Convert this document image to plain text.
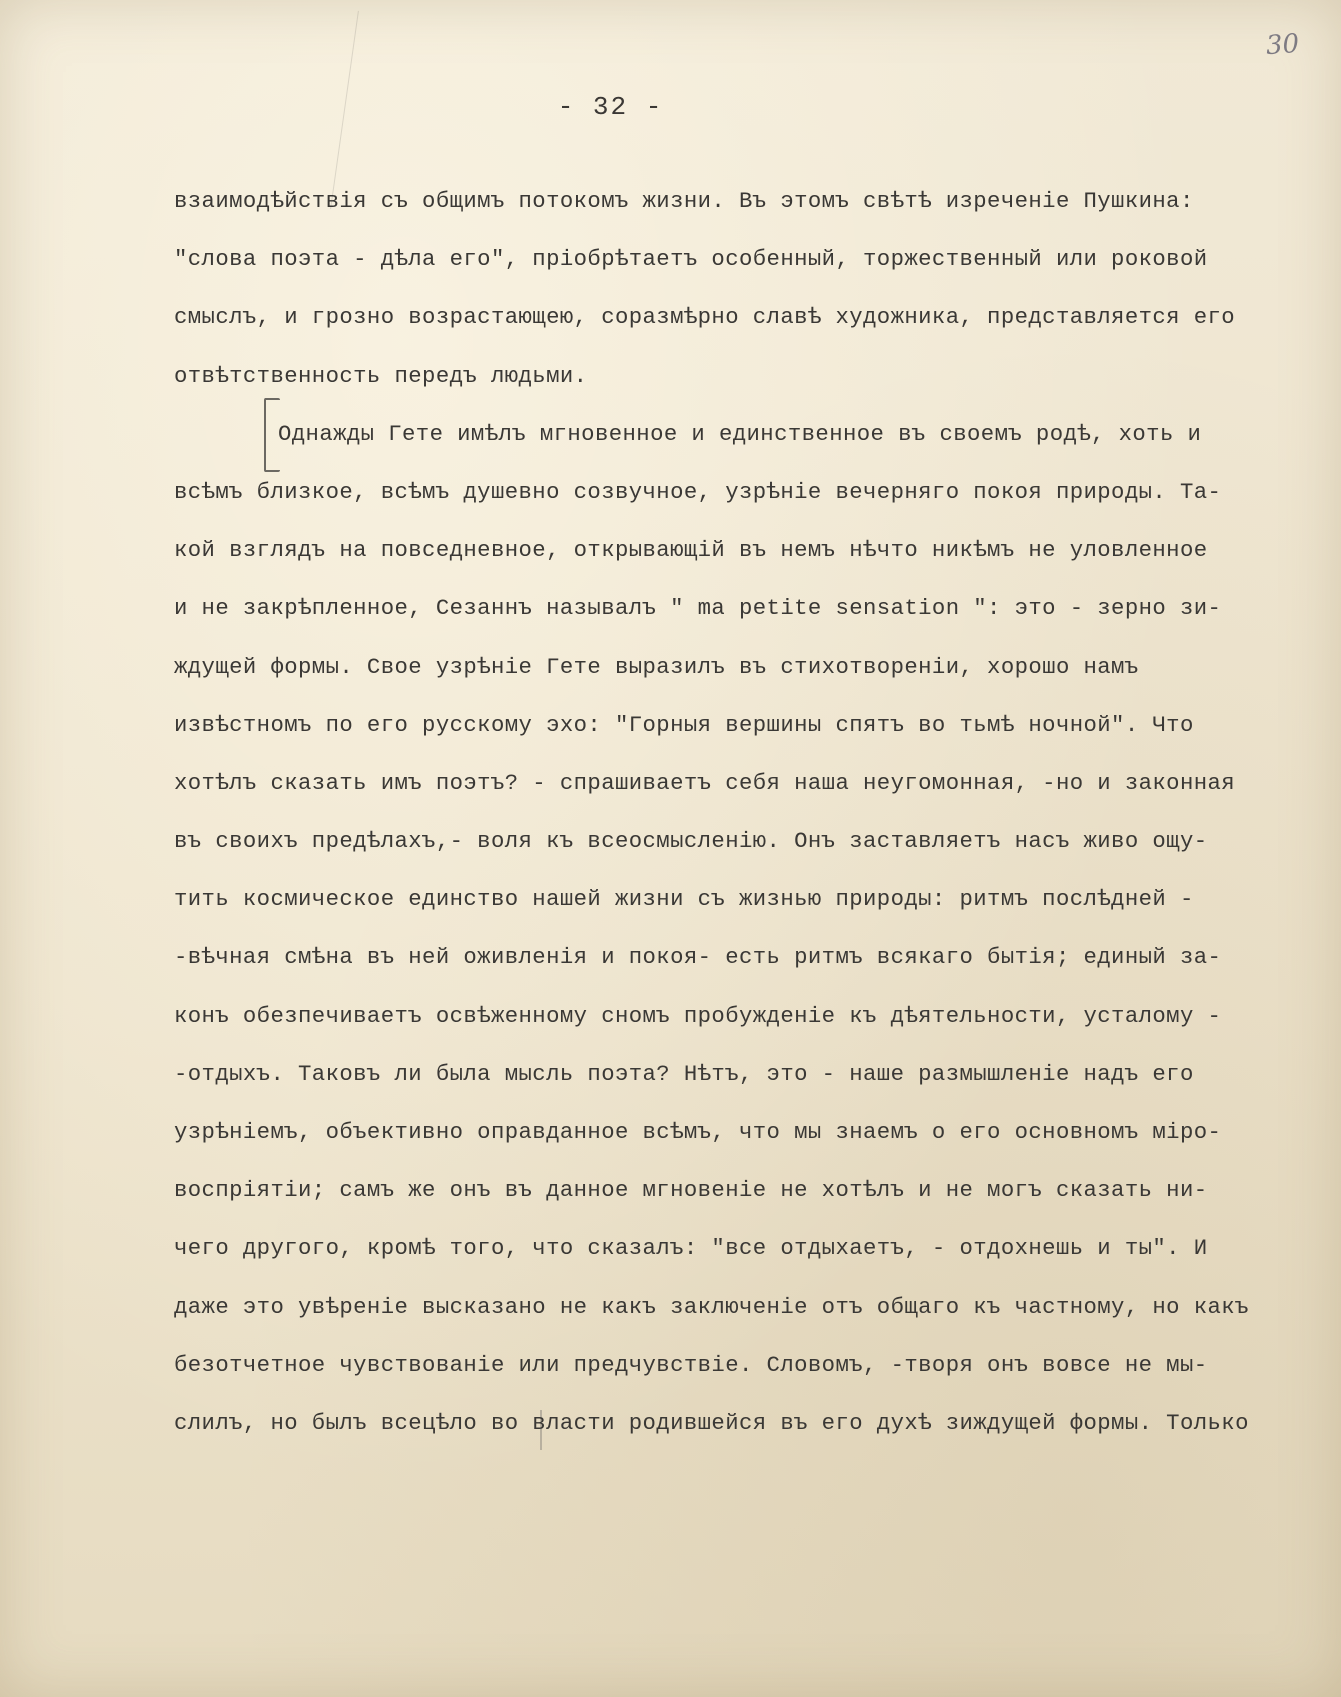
30
- 32 -
взаимодѣйствія съ общимъ потокомъ жизни. Въ этомъ свѣтѣ изреченіе Пушкина:
"слова поэта - дѣла его", пріобрѣтаетъ особенный, торжественный или роковой
смыслъ, и грозно возрастающею, соразмѣрно славѣ художника, представляется его
отвѣтственность передъ людьми.
Однажды Гете имѣлъ мгновенное и единственное въ своемъ родѣ, хоть и
всѣмъ близкое, всѣмъ душевно созвучное, узрѣніе вечерняго покоя природы. Та-
кой взглядъ на повседневное, открывающій въ немъ нѣчто никѣмъ не уловленное
и не закрѣпленное, Сезаннъ называлъ " ma petite sensation ": это - зерно зи-
ждущей формы. Свое узрѣніе Гете выразилъ въ стихотвореніи, хорошо намъ
извѣстномъ по его русскому эхо: "Горныя вершины спятъ во тьмѣ ночной". Что
хотѣлъ сказать имъ поэтъ? - спрашиваетъ себя наша неугомонная, -но и законная
въ своихъ предѣлахъ,- воля къ всеосмысленію. Онъ заставляетъ насъ живо ощу-
тить космическое единство нашей жизни съ жизнью природы: ритмъ послѣдней -
-вѣчная смѣна въ ней оживленія и покоя- есть ритмъ всякаго бытія; единый за-
конъ обезпечиваетъ освѣженному сномъ пробужденіе къ дѣятельности, усталому -
-отдыхъ. Таковъ ли была мысль поэта? Нѣтъ, это - наше размышленіе надъ его
узрѣніемъ, объективно оправданное всѣмъ, что мы знаемъ о его основномъ міро-
воспріятіи; самъ же онъ въ данное мгновеніе не хотѣлъ и не могъ сказать ни-
чего другого, кромѣ того, что сказалъ: "все отдыхаетъ, - отдохнешь и ты". И
даже это увѣреніе высказано не какъ заключеніе отъ общаго къ частному, но какъ
безотчетное чувствованіе или предчувствіе. Словомъ, -творя онъ вовсе не мы-
слилъ, но былъ всецѣло во власти родившейся въ его духѣ зиждущей формы. Только
